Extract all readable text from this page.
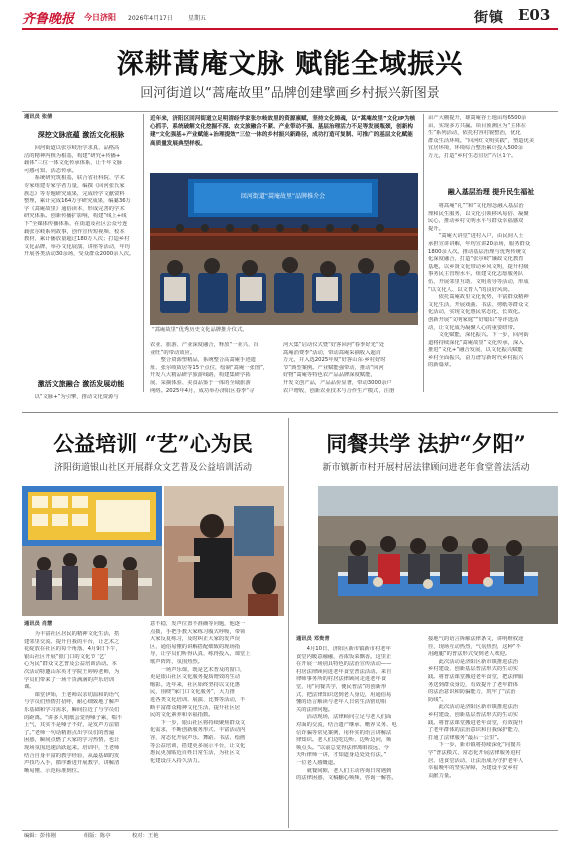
齐鲁晚报 今日济阳 2026年4月17日	星期五	街镇 E03
深耕蒿庵文脉 赋能全域振兴
回河街道以“蒿庵故里”品牌创建擘画乡村振兴新图景
通讯员 张倩
深挖文脉底蕴 激活文化根脉
　　回河街道以张尔岐治学求真、品格高
洁的精神内核为根基，构建“研究+传播+
载体”三位一体文化传承体系，让千年文脉
可感可知、活态传承。
　　系统研究筑根基，联合省社科院、学术
专家组建专家学者力量，编撰《回河张氏家
族志》等专题研究成果，完成经学文献资料
整理，累计完成164万字研究成果，编纂36万
字《蒿庵故里》通俗读本，形成完善的学术
研究体系。创新传播扩影响，构建“线上+线
下”全媒体传播体系，在街道及社区公众号连
载张尔岐系列故事，创作宣传短视频、校本
教材，累计播放量超过180万人次；打造乡村
文化品牌，举办文化展演、讲座等活动，年均
开展各类活动30余场，受众群众2000余人次。
激活文旅融合 激活发展动能
　　以“文脉+”为引擎，推动文化资源与
近年来，济阳区回河街道立足明清经学家张尔岐故里的资源禀赋，坚持文化铸魂，以“蒿庵故里”文化IP为核心抓手，系统破解文化挖掘不深、农文旅融合不紧、产业带动不强、基层治理活力不足等发展瓶颈，创新构建“文化强基+产业赋能+治理提效”三位一体的乡村振兴新路径，成功打造可复制、可推广的基层文化赋能高质量发展典型样板。

回河街道“蒿庵故里”品牌推介会
“蒿庵故里”优秀历史文化品牌推介仪式。
农业、旅游、产业深度融合，释放“一业兴、百
业旺”的带动效应。
　　整合资源塑精品，系统整合高蒿庵手迹遗
址、张尔岐故居等15个点位，绘制“蒿庵一张图”，
开发八大精品研学旅游线路，构建集研学拓
展、采摘体验、美食品鉴于一体的全域旅游
网络。2025年4月，成功举办济阳区春季“寻
河大集”启动仪式暨“好客回河”春季好光“处
蒿庵消费季”活动，带动蒿庵采摘收入超百
万元，并入选2025年度“好客山东·乡村好时
节”典型案例。产业赋能强带动，推动“回河
好物”蒿庵等特色农产品品牌深度赋能，
开发文创产品，产品品价显著，带动3000余户
农户增收，创新农业技术与合作生产模式，注册
亩产大棚提升，雄蒿庵谷土地亩均6500余
亩，实现多方共赢。项目预测区为“主体在
生”系列活动，依托村容村貌整治，优化
群众生活环境。“回河红文明实践”，塑造优美
宜居环境，环境综合整治累计投入500余
万元，打造“乡村生态宜居”片区1个。
融入基层治理 提升民生福祉
　　将蒿庵“礼”“和”文化理念融入基层治
理和民生服务，以文化引领移风易俗、凝聚
民心，推动乡村文明水平与群众幸福感双
提升。
　　“蒿庵大讲堂”进村入户，由民间人士
承担宣讲讲解，年均宣讲20余场，服务群众
1800余人次。推动基层治理与优秀传统文
化深度融合，打造“张尔岐”廉政文化教育
基地，以乡贤文化带动乡风文明，提升村级
事务民主管理水平。组建文化志愿服务队
伍，开展邻里互助、文明劝导等活动，形成
“以文化人、以文育人”的良好风尚。
　　依托蒿庵故里文化优势，丰富群众精神
文化生活，开展戏曲、书法、剪纸等群众文
化活动，实现文化惠民常态化、长效化。
创新开展“文明家庭”“好媳妇”等评选活
动，让文化成为凝聚人心的重要纽带。
　　文化赋能，深化振兴。下一步，回河街
道将持续深化“蒿庵故里”文化传承，深入
推进“文化+”融合发展，以文化振兴赋能
乡村全面振兴，奋力谱写新时代乡村振兴
的新篇章。
公益培训 “艺”心为民
济阳街道银山社区开展群众文艺普及公益培训活动
通讯员 肖慧
　　为丰富社区居民的精神文化生活，搭
建邻里交流、提升自我的平台，让艺术之
花绽放在社区的每个角落，4月9日下午，
银山社区开展“银门口的文化节 ‘艺’
心为民”群众文艺普及公益培训活动。本
次活动特邀山东英才学院王婷婷老师，为
学员们带来了一场干货满满的声乐培训
课。
　　课堂伊始，王老师以亲切温和的语气
与学员们热情打招呼，耐心细致地了解声
乐基础和学习需求，瞬间拉近了与学员们
的距离。“讲多人唱歌会觉得嗓子累，喘不
上气，其实不是嗓子不好，是发声方法错
了。”老师一句话精准点出学员们的普遍
困惑，瞬间点燃了大家的学习热情，也让
现场氛围迅速活跃起来。培训中，王老师
结合自身丰富的教学经验，从最基础的发
声技巧入手，循序渐进开展教学，讲解清
晰易懂、示范标准到位。
意不稳，发声位置不准确等问题，他逐一
点拨，手把手教大家练习腹式呼吸，带领
大家反复练习，及时纠正大家的发声误
区，通俗易懂的讲解搭配细致的现场指
导，让学员们听得认真、练得投入，课堂上
歌声阵阵，氛围热烈。
　　一场声乐课，既是艺术普及的窗口，
更是银山社区文化服务提质增效的生动
缩影。近年来，社区始终坚持以文化惠
民，围绕“家门口文化服务”，大力推
进各类文化培训、展演、比赛等活动，不
断丰富群众精神文化生活，提升社区居
民的文化素养和幸福指数。
　　下一步，银山社区将持续聚焦群众文
化需求，不断创新服务形式、丰富活动内
容，常态化开展声乐、舞蹈、书法、绘画
等公益培训，搭建更多展示平台，让文化
惠民更加贴近百姓日常生活，为社区文
化建设注入持久活力。
同餐共学 法护“夕阳”
新市镇新市村开展村居法律顾问进老年食堂普法活动
通讯员 邓贵青
　　4月10日，济阳区新市镇新市村老年
食堂内暖意融融，香浓饭菜飘香。这里正
在开展一场别具特色的法治宣传活动——
村居法律顾问进老年食堂普法活动。来自
律师事务所的村居法律顾问走进老年食
堂，用“同餐共学，便民普法”的创新形
式，把法律知识送到老人身边，用通俗易
懂的语言解读与老年人日常生活密切相
关的法律问题。
　　活动现场，法律顾问立足与老人们面
对面的交流，结合遗产继承、赡养义务、电
信诈骗等常见案例，用朴实的语言讲解法
律知识。老人们边吃边听、边听边问，频
频点头。“以前总觉得法律离咱很远，今
天听律师一讲，才知道身边处处有法。”
一位老人感慨道。
　　就餐间隙，老人们主动咨询日常遇到
的法律困惑，文稿翻心频频，咨询一解答。
接地气的语言拆解法律条文，讲明维权途
径，现场互动热烈，气氛热烈，这种“不
用跑腿”的普法形式受到老人欢迎。
　　此次活动是济阳区新市镇推进法治
乡村建设、创新基层普法形式的生动实
践。将普法课堂搬进老年食堂，把法律服
务送到群众身边，有效提升了老年群体
的法治意识和防骗能力，筑牢了“法治
防线”。
　　此次活动是济阳区新市镇推进法治
乡村建设，创新基层普法形式的生动实
践。将普法课堂搬进老年食堂，有效提升
了老年群体的法治意识和自我保护能力，
打通了法律服务“最后一公里”。
　　下一步，新市镇将持续深化“同餐共
学”普法模式，常态化开展法律服务进村
居、进食堂活动，让法治成为守护老年人
幸福晚年的坚实屏障，为建设平安乡村
贡献力量。
编辑：彭伟刚	组版：陈亭	校对：王艳
